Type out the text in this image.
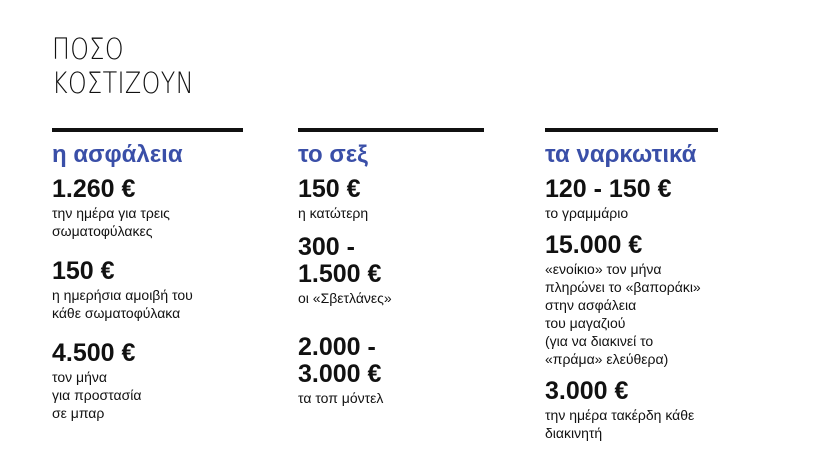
ΠΟΣΟ
ΚΟΣΤΙΖΟΥΝ
η ασφάλεια
1.260 €
την ημέρα για τρεις
σωματοφύλακες
150 €
η ημερήσια αμοιβή του
κάθε σωματοφύλακα
4.500 €
τον μήνα
για προστασία
σε μπαρ
το σεξ
150 €
η κατώτερη
300 -
1.500 €
οι «Σβετλάνες»
2.000 -
3.000 €
τα τοπ μόντελ
τα ναρκωτικά
120 - 150 €
το γραμμάριο
15.000 €
«ενοίκιο» τον μήνα
πληρώνει το «βαποράκι»
στην ασφάλεια
του μαγαζιού
(για να διακινεί το
«πράμα» ελεύθερα)
3.000 €
την ημέρα τακέρδη κάθε
διακινητή
